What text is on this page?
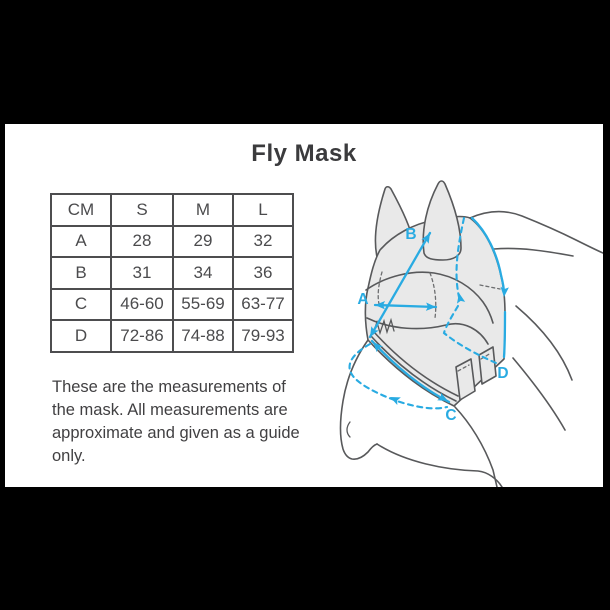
Fly Mask
CM	S	M	L
A	28	29	32
B	31	34	36
C	46-60	55-69	63-77
D	72-86	74-88	79-93
These are the measurements of
the mask. All measurements are
approximate and given as a guide
only.
A
B
C
D
